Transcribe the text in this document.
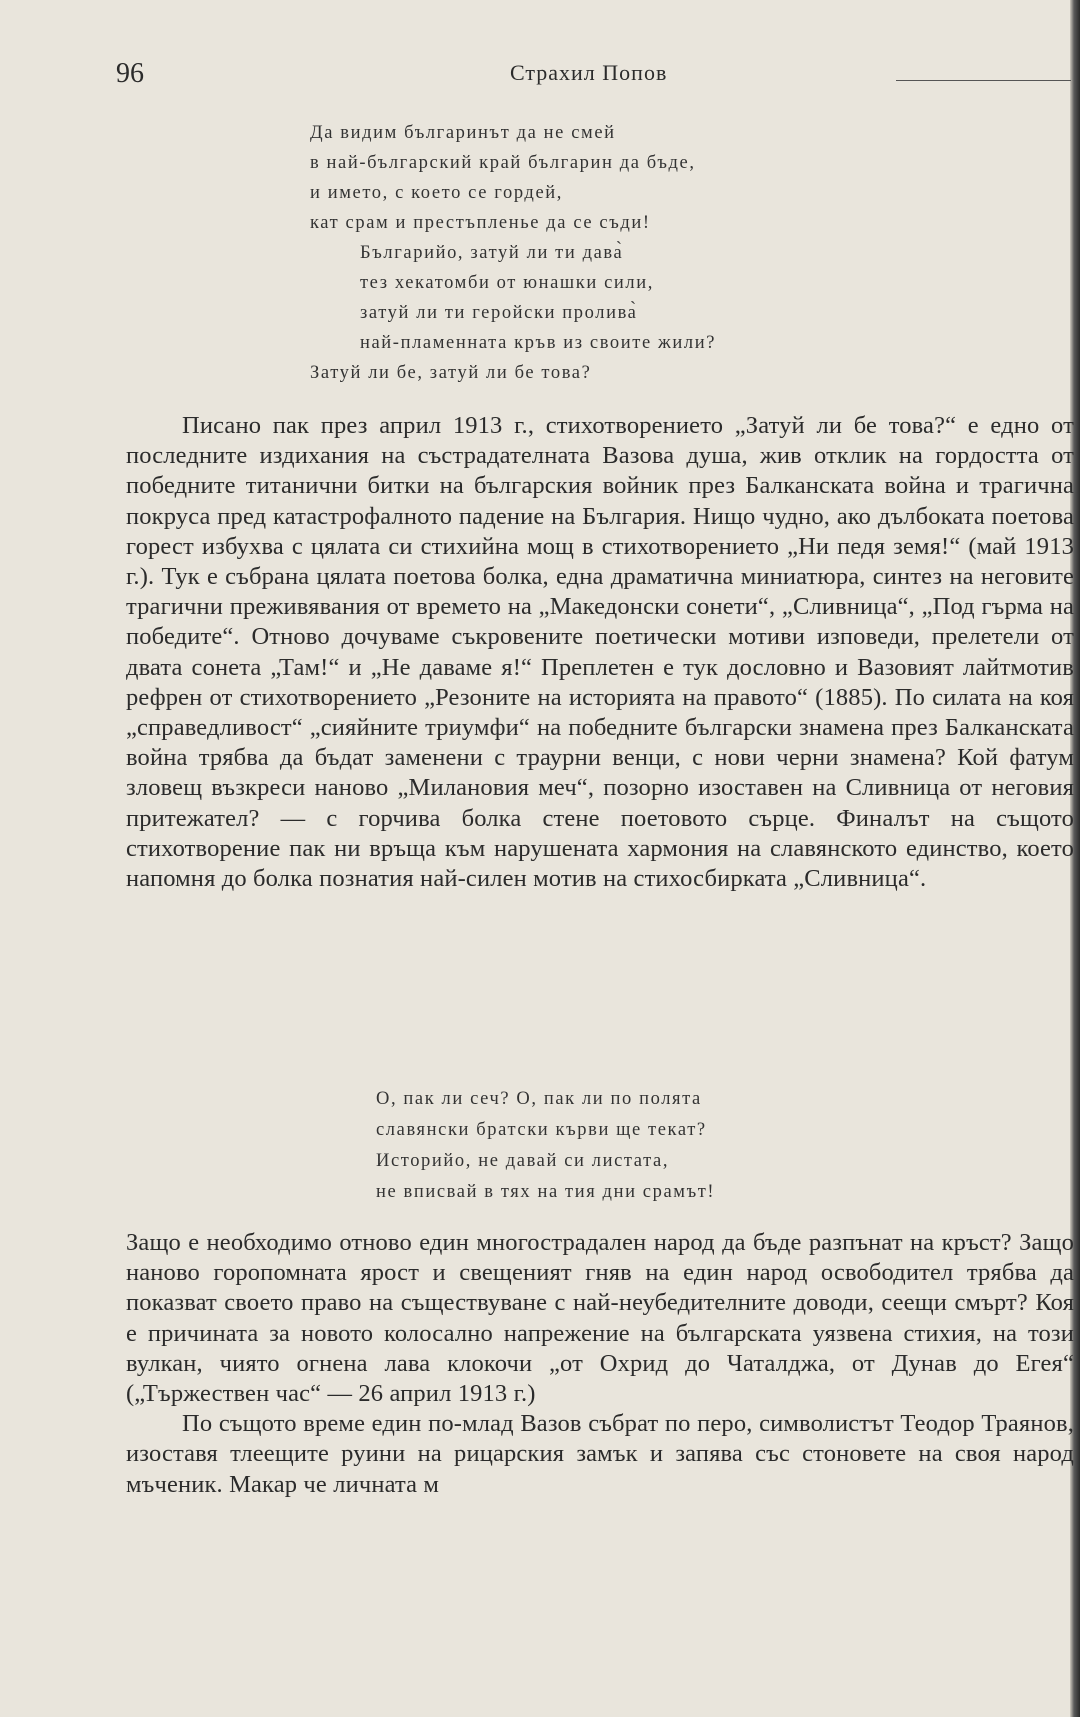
96	Страхил Попов
Да видим българинът да не смей
в най-българский край българин да бъде,
и името, с което се гордей,
кат срам и престъпленье да се съди!
Българийо, затуй ли ти дава̀
тез хекатомби от юнашки сили,
затуй ли ти геройски пролива̀
най-пламенната кръв из своите жили?
Затуй ли бе, затуй ли бе това?

Писано пак през април 1913 г., стихотворението „Затуй ли бе това?“ е едно от последните издихания на състрадателната Вазова душа, жив отклик на гордостта от победните титанични битки на българския войник през Балканската война и трагична покруса пред катастрофалното падение на България. Нищо чудно, ако дълбоката поетова горест избухва с цялата си стихийна мощ в стихотворението „Ни педя земя!“ (май 1913 г.). Тук е събрана цялата поетова болка, една драматична миниатюра, синтез на неговите трагични преживявания от времето на „Македонски сонети“, „Сливница“, „Под гърма на победите“. Отново дочуваме съкровените поетически мотиви изповеди, прелетели от двата сонета „Там!“ и „Не даваме я!“ Преплетен е тук дословно и Вазовият лайтмотив рефрен от стихотворението „Резоните на историята на правото“ (1885). По силата на коя „справедливост“ „сияйните триумфи“ на победните български знамена през Балканската война трябва да бъдат заменени с траурни венци, с нови черни знамена? Кой фатум зловещ възкреси наново „Милановия меч“, позорно изоставен на Сливница от неговия притежател? — с горчива болка стене поетовото сърце. Финалът на същото стихотворение пак ни връща към нарушената хармония на славянското единство, което напомня до болка познатия най-силен мотив на стихосбирката „Сливница“.

О, пак ли сеч? О, пак ли по полята
славянски братски кърви ще текат?
Историйо, не давай си листата,
не вписвай в тях на тия дни срамът!

Защо е необходимо отново един многострадален народ да бъде разпънат на кръст? Защо наново горопомната ярост и свещеният гняв на един народ освободител трябва да показват своето право на съществуване с най-неубедителните доводи, сеещи смърт? Коя е причината за новото колосално напрежение на българската уязвена стихия, на този вулкан, чиято огнена лава клокочи „от Охрид до Чаталджа, от Дунав до Егея“ („Тържествен час“ — 26 април 1913 г.)

По същото време един по-млад Вазов събрат по перо, символистът Теодор Траянов, изоставя тлеещите руини на рицарския замък и запява със стоновете на своя народ мъченик. Макар че личната м
